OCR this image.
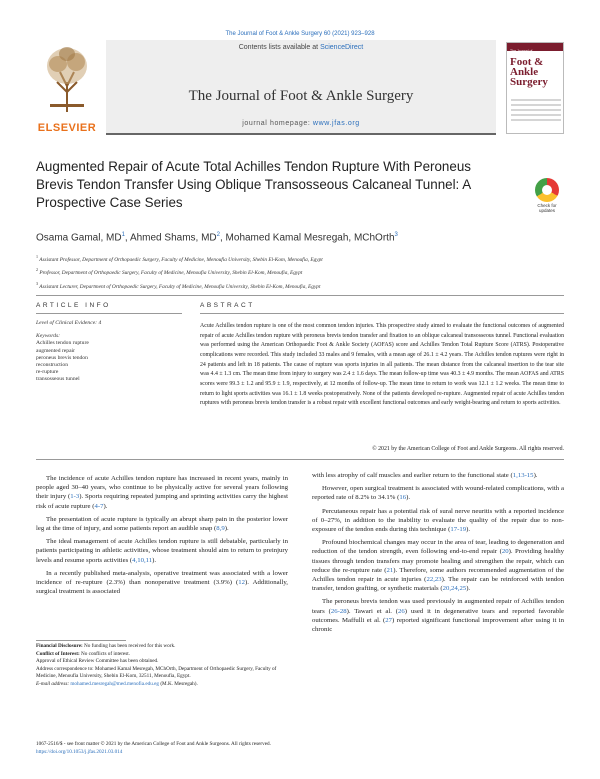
The Journal of Foot & Ankle Surgery 60 (2021) 923–928
ELSEVIER
Contents lists available at ScienceDirect
The Journal of Foot & Ankle Surgery
journal homepage: www.jfas.org
The Journal of
Foot & Ankle Surgery
Augmented Repair of Acute Total Achilles Tendon Rupture With Peroneus Brevis Tendon Transfer Using Oblique Transosseous Calcaneal Tunnel: A Prospective Case Series	Check for updates
Osama Gamal, $MD^1$, Ahmed Shams, $MD^2$, Mohamed Kamal Mesregah, MChOrth$^3$
$^1$ Assistant Professor, Department of Orthopaedic Surgery, Faculty of Medicine, Menoufia University, Shebin El-Kom, Menoufia, Egypt
$^2$ Professor, Department of Orthopaedic Surgery, Faculty of Medicine, Menoufia University, Shebin El-Kom, Menoufia, Egypt
$^3$ Assistant Lecturer, Department of Orthopaedic Surgery, Faculty of Medicine, Menoufia University, Shebin El-Kom, Menoufia, Egypt
ARTICLE INFO	ABSTRACT
Level of Clinical Evidence: 4
Keywords:
Achilles tendon rupture
augmented repair
peroneus brevis tendon
reconstruction
re-rupture
transosseous tunnel
Acute Achilles tendon rupture is one of the most common tendon injuries. This prospective study aimed to evaluate the functional outcomes of augmented repair of acute Achilles tendon rupture with peroneus brevis tendon transfer and fixation to an oblique calcaneal transosseous tunnel. Functional evaluation was performed using the American Orthopaedic Foot & Ankle Society (AOFAS) score and Achilles Tendon Total Rupture Score (ATRS). Postoperative complications were recorded. This study included 33 males and 9 females, with a mean age of 26.1 ± 4.2 years. The Achilles tendon ruptures were right in 24 patients and left in 18 patients. The cause of rupture was sports injuries in all patients. The mean distance from the calcaneal insertion to the tear site was 4.4 ± 1.3 cm. The mean time from injury to surgery was 2.4 ± 1.6 days. The mean follow-up time was 40.3 ± 4.9 months. The mean AOFAS and ATRS scores were 99.3 ± 1.2 and 95.9 ± 1.9, respectively, at 12 months of follow-up. The mean time to return to work was 12.1 ± 1.2 weeks. The mean time to return to light sports activities was 16.1 ± 1.8 weeks postoperatively. None of the patients developed re-rupture. Augmented repair of acute Achilles tendon ruptures with peroneus brevis tendon transfer is a robust repair with excellent functional outcomes and early weight-bearing and return to sports activities.
© 2021 by the American College of Foot and Ankle Surgeons. All rights reserved.

The incidence of acute Achilles tendon rupture has increased in recent years, mainly in people aged 30–40 years, who continue to be physically active for several years following their injury (1-3). Sports requiring repeated jumping and sprinting activities carry the highest risk of acute rupture (4-7).

The presentation of acute rupture is typically an abrupt sharp pain in the posterior lower leg at the time of injury, and some patients report an audible snap (8,9).

The ideal management of acute Achilles tendon rupture is still debatable, particularly in patients participating in athletic activities, whose treatment should aim to return to preinjury levels and resume sports activities (4,10,11).

In a recently published meta-analysis, operative treatment was associated with a lower incidence of re-rupture (2.3%) than nonoperative treatment (3.9%) (12). Additionally, surgical treatment is associated

with less atrophy of calf muscles and earlier return to the functional state (1,13-15).

However, open surgical treatment is associated with wound-related complications, with a reported rate of 8.2% to 34.1% (16).

Percutaneous repair has a potential risk of sural nerve neuritis with a reported incidence of 0–27%, in addition to the inability to evaluate the quality of the repair due to non-exposure of the tendon ends during this technique (17-19).

Profound biochemical changes may occur in the area of tear, leading to degeneration and reduction of the tendon strength, even following end-to-end repair (20). Providing healthy tissues through tendon transfers may promote healing and strengthen the repair, which can reduce the re-rupture rate (21). Therefore, some authors recommended augmentation of the Achilles tendon repair in acute injuries (22,23). The repair can be reinforced with tendon transfer, tendon grafting, or synthetic materials (20,24,25).

The peroneus brevis tendon was used previously in augmented repair of Achilles tendon tears (26-28). Tawari et al. (26) used it in degenerative tears and reported favorable outcomes. Maffulli et al. (27) reported significant functional improvement after using it in chronic

Financial Disclosure: No funding has been received for this work.
Conflict of Interest: No conflicts of interest.
Approval of Ethical Review Committee has been obtained.
Address correspondence to: Mohamed Kamal Mesregah, MChOrth, Department of Orthopaedic Surgery, Faculty of Medicine, Menoufia University, Shebin El-Kom, 32511, Menoufia, Egypt.
E-mail address: mohamed.mesregah@med.menofia.edu.eg (M.K. Mesregah).
1067-2516/$ - see front matter © 2021 by the American College of Foot and Ankle Surgeons. All rights reserved.
https://doi.org/10.1053/j.jfas.2021.03.014
